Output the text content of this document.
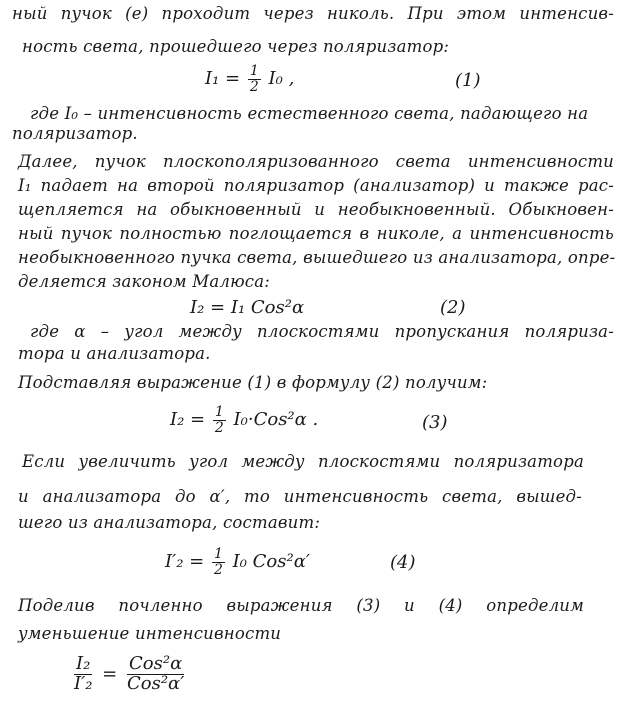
ный пучок (е) проходит через николь. При этом интенсив-
ность света, прошедшего через поляризатор:
$I_1 = \frac{1}{2} I_0$ ,	(1)
где I₀ – интенсивность естественного света, падающего на
поляризатор.
Далее, пучок плоскополяризованного света интенсивности
I₁ падает на второй поляризатор (анализатор) и также рас-
щепляется на обыкновенный и необыкновенный. Обыкновен-
ный пучок полностью поглощается в николе, а интенсивность
необыкновенного пучка света, вышедшего из анализатора, опре-
деляется законом Малюса:
I₂ = I₁ Cos²α	(2)
где α – угол между плоскостями пропускания поляриза-
тора и анализатора.
Подставляя выражение (1) в формулу (2) получим:
$I_2 = \frac{1}{2} I_0\cdot Cos^2\alpha$ .	(3)
Если увеличить угол между плоскостями поляризатора
и анализатора до α′, то интенсивность света, вышед-
шего из анализатора, составит:
$I'_2 = \frac{1}{2} I_0$ Cos²α′	(4)
Поделив почленно выражения (3) и (4) определим
уменьшение интенсивности
$\frac{\text{I₂}}{\text{I′₂}} = \frac{\text{Cos²α}}{\text{Cos²α′}}$
